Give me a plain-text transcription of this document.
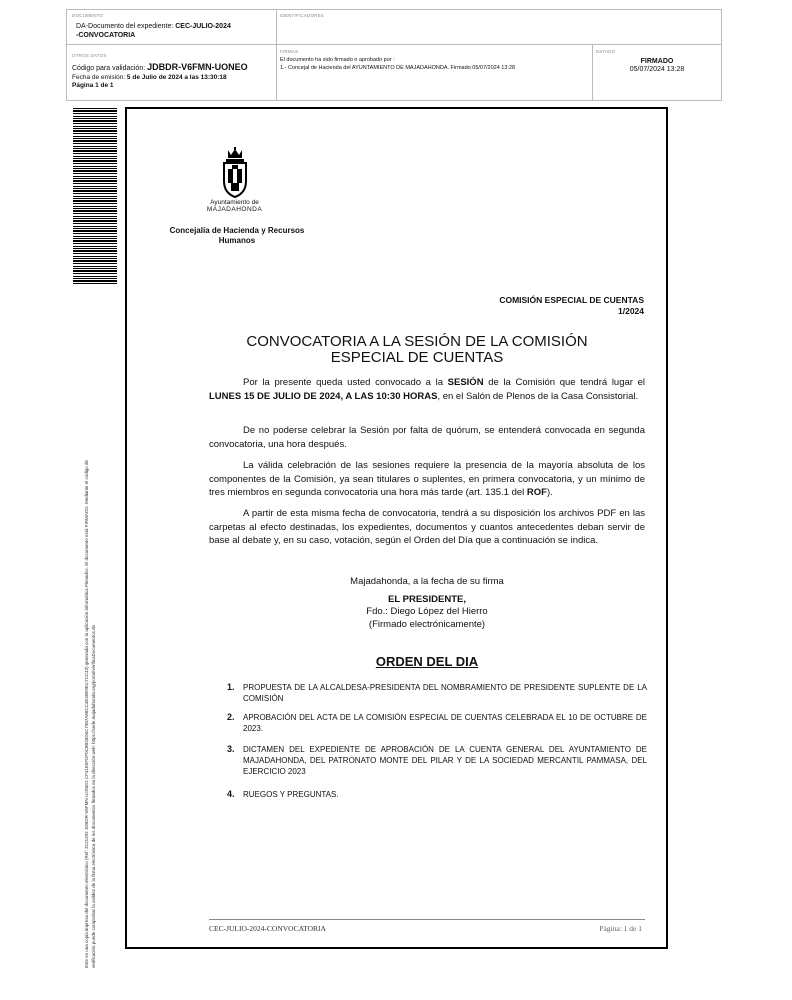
DOCUMENTO
DA-Documento del expediente: CEC-JULIO-2024
-CONVOCATORIA
IDENTIFICADORES
OTROS DATOS
Código para validación: JDBDR-V6FMN-UONEO
Fecha de emisión: 5 de Julio de 2024 a las 13:30:18
Página 1 de 1
FIRMAS
El documento ha sido firmado o aprobado por :
1.- Concejal de Hacienda del AYUNTAMIENTO DE MAJADAHONDA. Firmado 05/07/2024 13:28
ESTADO
FIRMADO
05/07/2024 13:28
Este es una copia impresa del documento electrónico (Ref: 3121292 JDBDR-V6FMN-UONEO CF41E5FDF0C8B26D6C7987A68CC4E40E9EC7CC43) generada con la aplicación informática Firmadoc. El documento está FIRMADO. Mediante el código de verificación puede comprobar la validez de la firma electrónica de los documentos firmados en la dirección web: https://sede.majadahonda.org/portal/verificaDocumentos.do
Ayuntamiento de
MAJADAHONDA
Concejalía de Hacienda y Recursos
Humanos
COMISIÓN ESPECIAL DE CUENTAS
1/2024
CONVOCATORIA A LA SESIÓN DE LA COMISIÓN
ESPECIAL DE CUENTAS
Por la presente queda usted convocado a la SESIÓN de la Comisión que tendrá lugar el LUNES 15 DE JULIO DE 2024, A LAS 10:30 HORAS, en el Salón de Plenos de la Casa Consistorial.
De no poderse celebrar la Sesión por falta de quórum, se entenderá convocada en segunda convocatoria, una hora después.
La válida celebración de las sesiones requiere la presencia de la mayoría absoluta de los componentes de la Comisión, ya sean titulares o suplentes, en primera convocatoria, y un mínimo de tres miembros en segunda convocatoria una hora más tarde (art. 135.1 del ROF).
A partir de esta misma fecha de convocatoria, tendrá a su disposición los archivos PDF en las carpetas al efecto destinadas, los expedientes, documentos y cuantos antecedentes deban servir de base al debate y, en su caso, votación, según el Orden del Día que a continuación se indica.
Majadahonda, a la fecha de su firma
EL PRESIDENTE,
Fdo.: Diego López del Hierro
(Firmado electrónicamente)
ORDEN DEL DIA
1. PROPUESTA DE LA ALCALDESA-PRESIDENTA DEL NOMBRAMIENTO DE PRESIDENTE SUPLENTE DE LA COMISIÓN
2. APROBACIÓN DEL ACTA DE LA COMISIÓN ESPECIAL DE CUENTAS CELEBRADA EL 10 DE OCTUBRE DE 2023.
3. DICTAMEN DEL EXPEDIENTE DE APROBACIÓN DE LA CUENTA GENERAL DEL AYUNTAMIENTO DE MAJADAHONDA, DEL PATRONATO MONTE DEL PILAR Y DE LA SOCIEDAD MERCANTIL PAMMASA, DEL EJERCICIO 2023
4. RUEGOS Y PREGUNTAS.
CEC-JULIO-2024-CONVOCATORIA	Página: 1 de 1
